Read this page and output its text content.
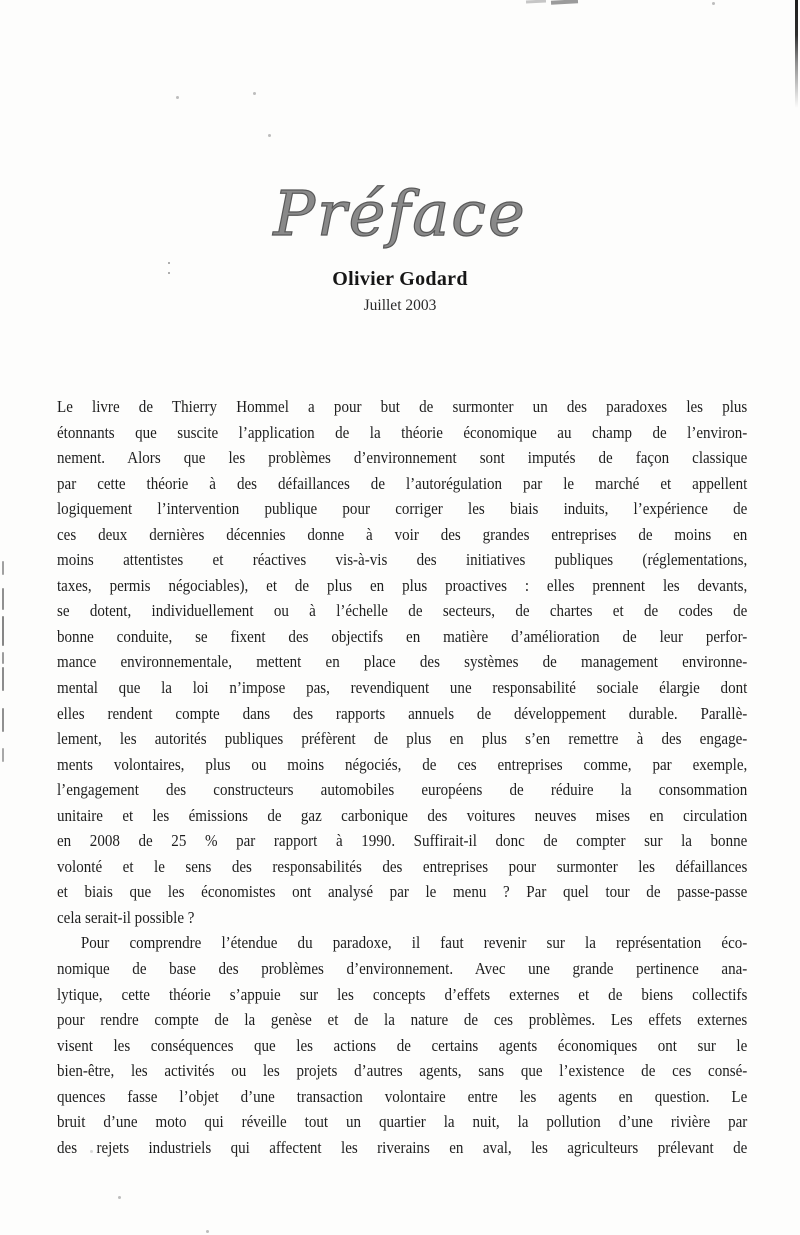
Préface
Olivier Godard
Juillet 2003
Le livre de Thierry Hommel a pour but de surmonter un des paradoxes les plus
étonnants que suscite l’application de la théorie économique au champ de l’environ-
nement. Alors que les problèmes d’environnement sont imputés de façon classique
par cette théorie à des défaillances de l’autorégulation par le marché et appellent
logiquement l’intervention publique pour corriger les biais induits, l’expérience de
ces deux dernières décennies donne à voir des grandes entreprises de moins en
moins attentistes et réactives vis-à-vis des initiatives publiques (réglementations,
taxes, permis négociables), et de plus en plus proactives : elles prennent les devants,
se dotent, individuellement ou à l’échelle de secteurs, de chartes et de codes de
bonne conduite, se fixent des objectifs en matière d’amélioration de leur perfor-
mance environnementale, mettent en place des systèmes de management environne-
mental que la loi n’impose pas, revendiquent une responsabilité sociale élargie dont
elles rendent compte dans des rapports annuels de développement durable. Parallè-
lement, les autorités publiques préfèrent de plus en plus s’en remettre à des engage-
ments volontaires, plus ou moins négociés, de ces entreprises comme, par exemple,
l’engagement des constructeurs automobiles européens de réduire la consommation
unitaire et les émissions de gaz carbonique des voitures neuves mises en circulation
en 2008 de 25 % par rapport à 1990. Suffirait-il donc de compter sur la bonne
volonté et le sens des responsabilités des entreprises pour surmonter les défaillances
et biais que les économistes ont analysé par le menu ? Par quel tour de passe-passe
cela serait-il possible ?
Pour comprendre l’étendue du paradoxe, il faut revenir sur la représentation éco-
nomique de base des problèmes d’environnement. Avec une grande pertinence ana-
lytique, cette théorie s’appuie sur les concepts d’effets externes et de biens collectifs
pour rendre compte de la genèse et de la nature de ces problèmes. Les effets externes
visent les conséquences que les actions de certains agents économiques ont sur le
bien-être, les activités ou les projets d’autres agents, sans que l’existence de ces consé-
quences fasse l’objet d’une transaction volontaire entre les agents en question. Le
bruit d’une moto qui réveille tout un quartier la nuit, la pollution d’une rivière par
des rejets industriels qui affectent les riverains en aval, les agriculteurs prélevant de
